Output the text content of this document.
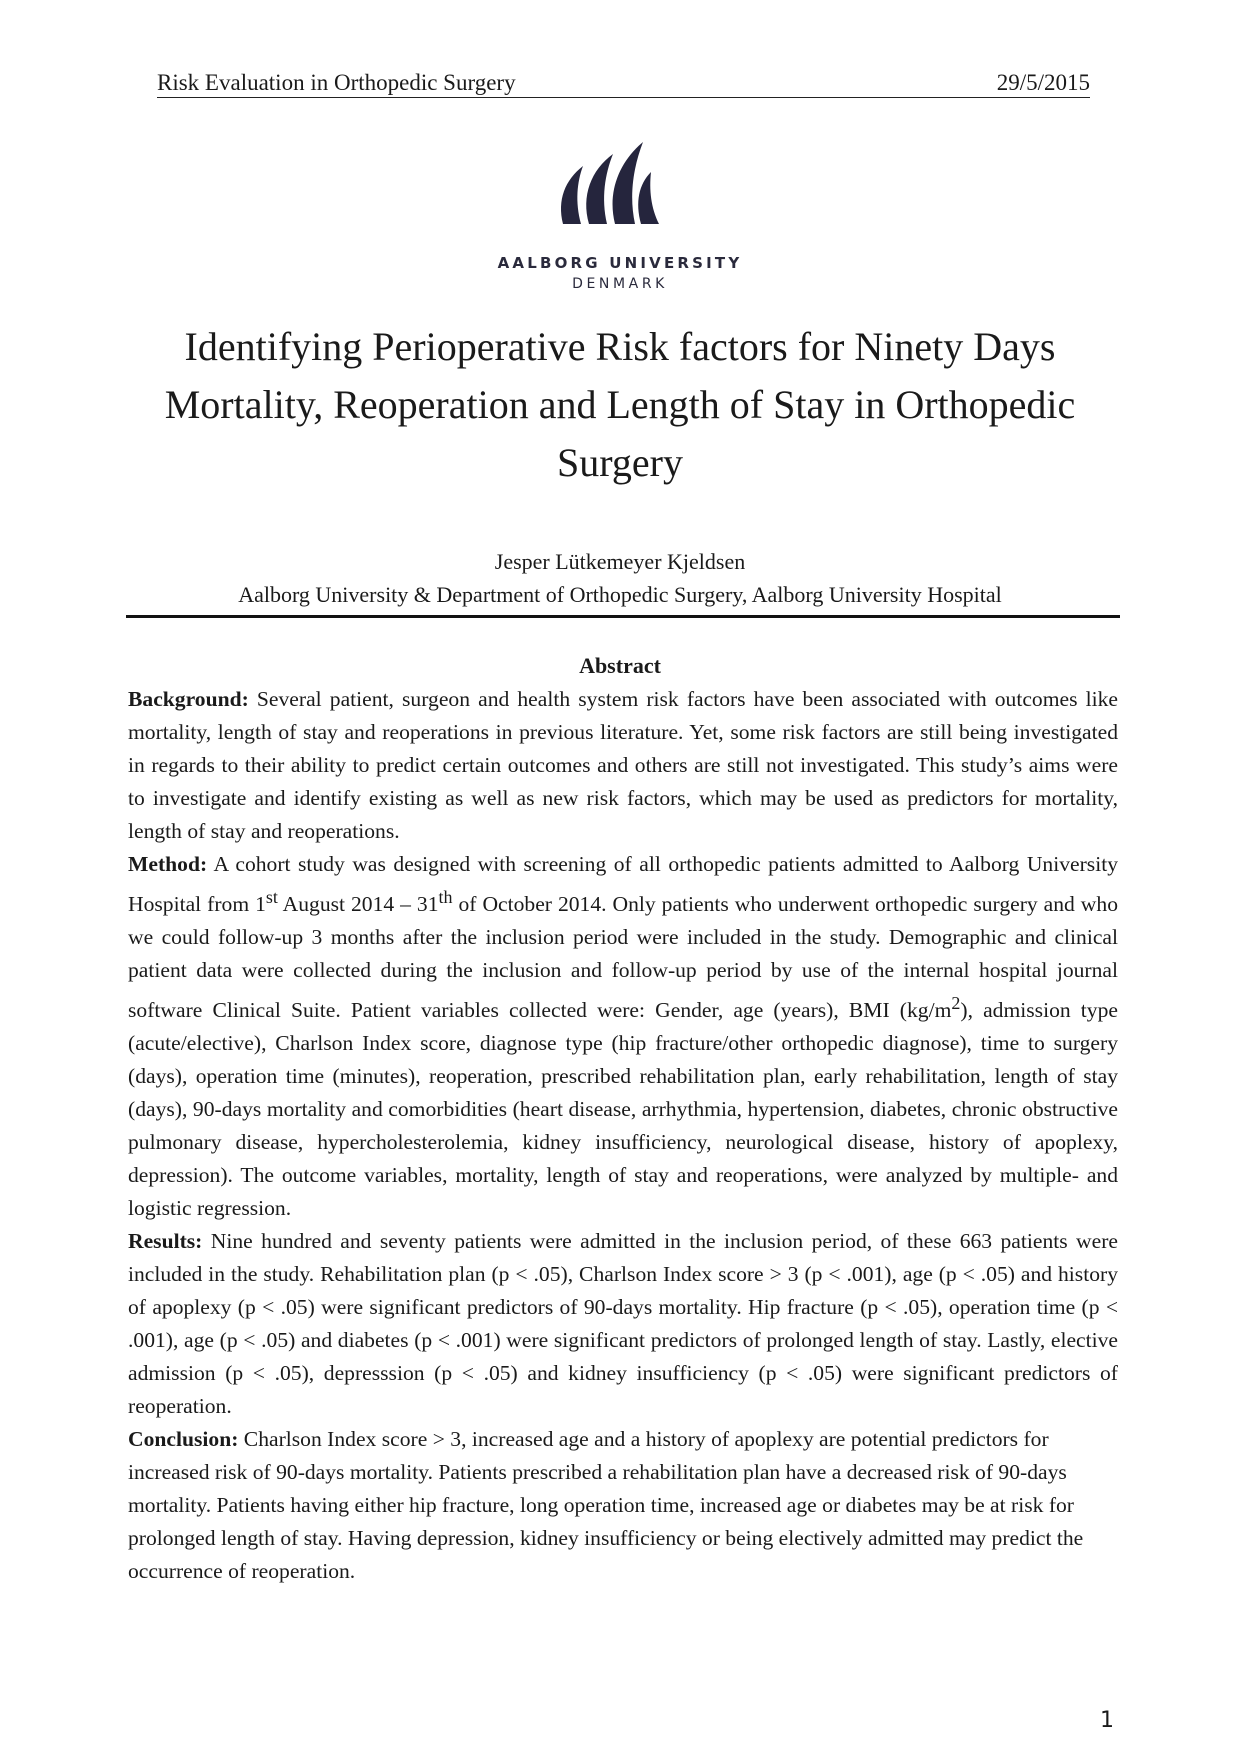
Risk Evaluation in Orthopedic Surgery	29/5/2015
AALBORG UNIVERSITY
DENMARK
Identifying Perioperative Risk factors for Ninety Days Mortality, Reoperation and Length of Stay in Orthopedic Surgery
Jesper Lütkemeyer Kjeldsen
Aalborg University & Department of Orthopedic Surgery, Aalborg University Hospital
Abstract

Background: Several patient, surgeon and health system risk factors have been associated with outcomes like mortality, length of stay and reoperations in previous literature. Yet, some risk factors are still being investigated in regards to their ability to predict certain outcomes and others are still not investigated. This study’s aims were to investigate and identify existing as well as new risk factors, which may be used as predictors for mortality, length of stay and reoperations.

Method: A cohort study was designed with screening of all orthopedic patients admitted to Aalborg University Hospital from 1st August 2014 – 31th of October 2014. Only patients who underwent orthopedic surgery and who we could follow-up 3 months after the inclusion period were included in the study. Demographic and clinical patient data were collected during the inclusion and follow-up period by use of the internal hospital journal software Clinical Suite. Patient variables collected were: Gender, age (years), BMI $(kg/m^2)$, admission type (acute/elective), Charlson Index score, diagnose type (hip fracture/other orthopedic diagnose), time to surgery (days), operation time (minutes), reoperation, prescribed rehabilitation plan, early rehabilitation, length of stay (days), 90-days mortality and comorbidities (heart disease, arrhythmia, hypertension, diabetes, chronic obstructive pulmonary disease, hypercholesterolemia, kidney insufficiency, neurological disease, history of apoplexy, depression). The outcome variables, mortality, length of stay and reoperations, were analyzed by multiple- and logistic regression.

Results: Nine hundred and seventy patients were admitted in the inclusion period, of these 663 patients were included in the study. Rehabilitation plan (p < .05), Charlson Index score > 3 (p < .001), age (p < .05) and history of apoplexy (p < .05) were significant predictors of 90-days mortality. Hip fracture (p < .05), operation time (p < .001), age (p < .05) and diabetes (p < .001) were significant predictors of prolonged length of stay. Lastly, elective admission (p < .05), depresssion (p < .05) and kidney insufficiency (p < .05) were significant predictors of reoperation.

Conclusion: Charlson Index score > 3, increased age and a history of apoplexy are potential predictors for increased risk of 90-days mortality. Patients prescribed a rehabilitation plan have a decreased risk of 90-days mortality. Patients having either hip fracture, long operation time, increased age or diabetes may be at risk for prolonged length of stay. Having depression, kidney insufficiency or being electively admitted may predict the occurrence of reoperation.

1
